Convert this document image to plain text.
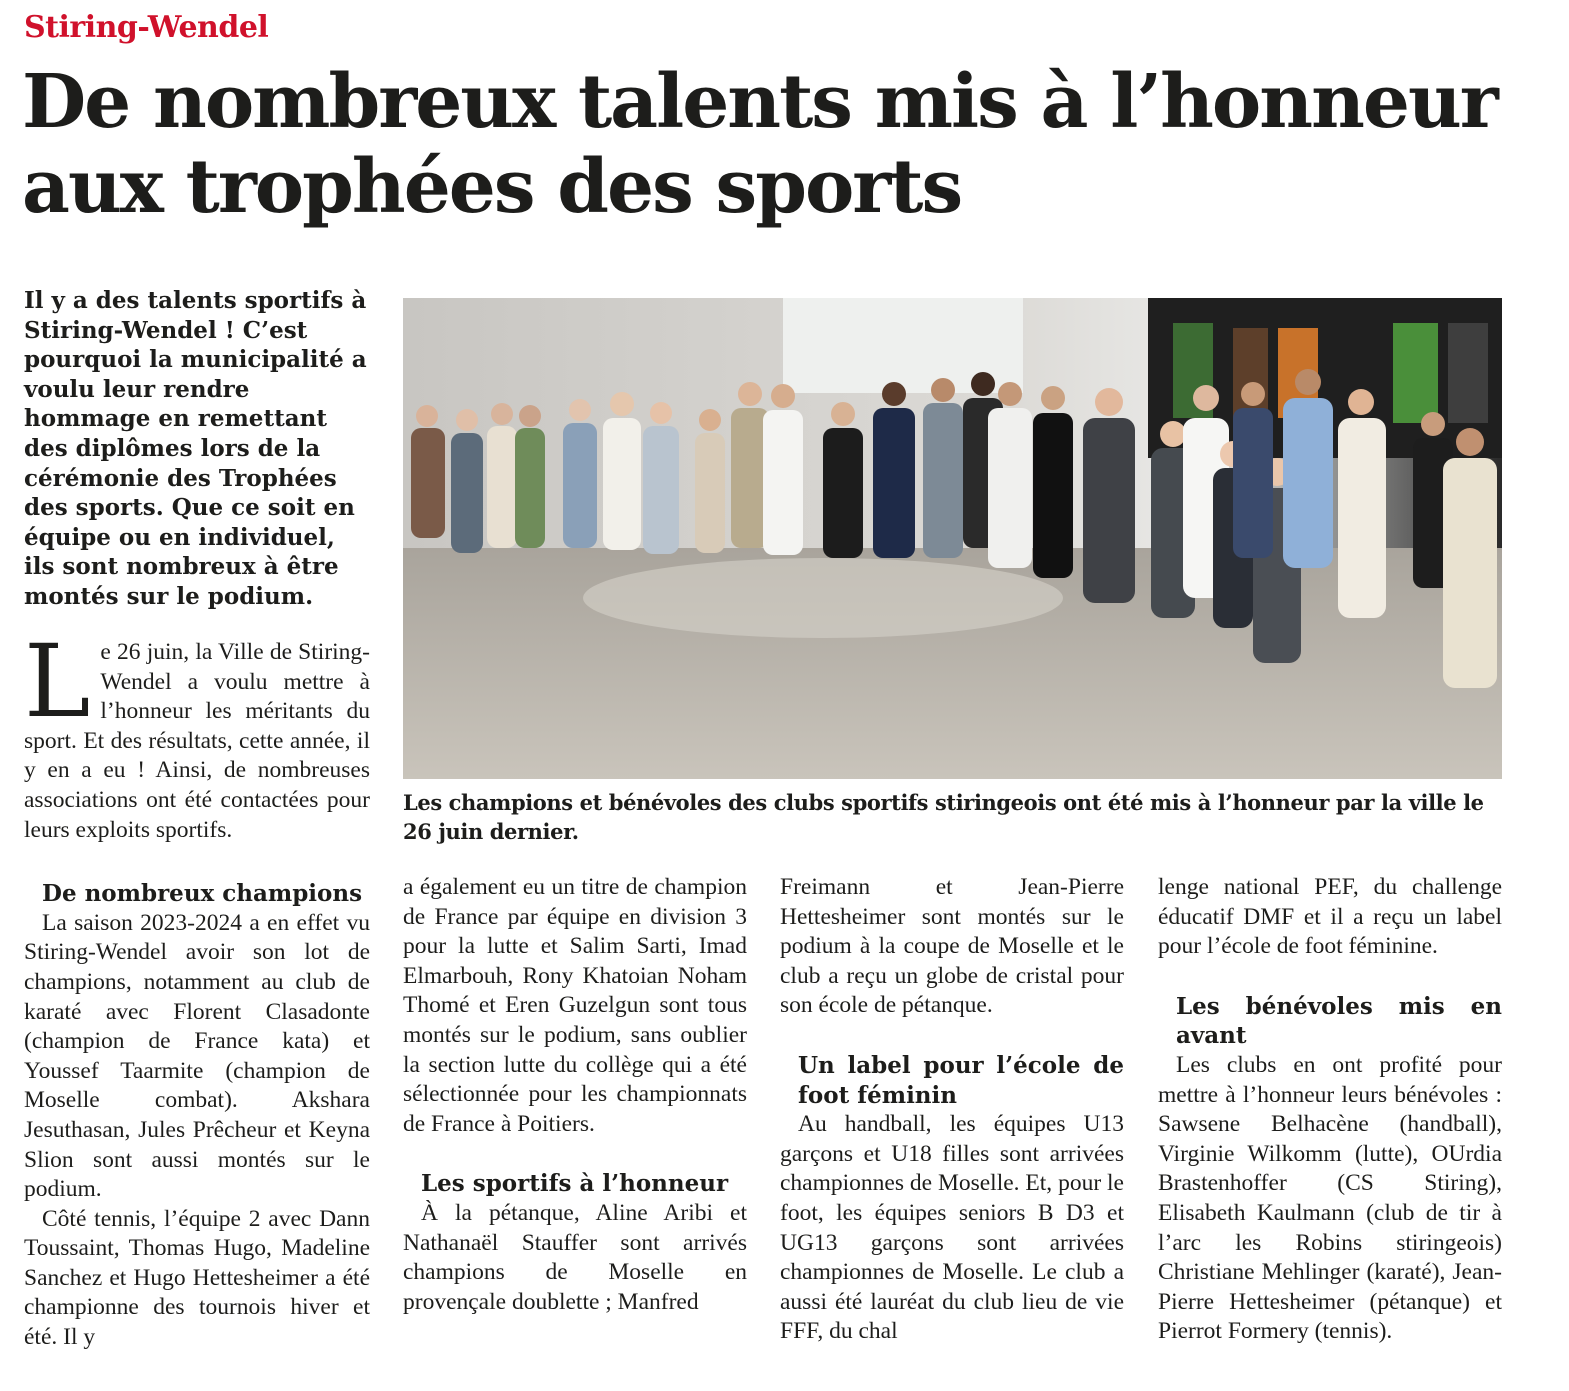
Stiring-Wendel
De nombreux talents mis à l’honneur aux trophées des sports

Il y a des talents sportifs à Stiring-Wendel ! C’est pourquoi la municipalité a voulu leur rendre hommage en remettant des diplômes lors de la cérémonie des Trophées des sports. Que ce soit en équipe ou en individuel, ils sont nombreux à être montés sur le podium.

Les champions et bénévoles des clubs sportifs stiringeois ont été mis à l’honneur par la ville le 26 juin dernier.

Le 26 juin, la Ville de Stiring-Wendel a voulu mettre à l’honneur les méritants du sport. Et des résultats, cette année, il y en a eu ! Ainsi, de nombreuses associations ont été contactées pour leurs exploits sportifs.

De nombreux champions

La saison 2023-2024 a en effet vu Stiring-Wendel avoir son lot de champions, notamment au club de karaté avec Florent Clasadonte (champion de France kata) et Youssef Taarmite (champion de Moselle combat). Akshara Jesuthasan, Jules Prêcheur et Keyna Slion sont aussi montés sur le podium.

Côté tennis, l’équipe 2 avec Dann Toussaint, Thomas Hugo, Madeline Sanchez et Hugo Hettesheimer a été championne des tournois hiver et été. Il y

a également eu un titre de champion de France par équipe en division 3 pour la lutte et Salim Sarti, Imad Elmarbouh, Rony Khatoian Noham Thomé et Eren Guzelgun sont tous montés sur le podium, sans oublier la section lutte du collège qui a été sélectionnée pour les championnats de France à Poitiers.

Les sportifs à l’honneur

À la pétanque, Aline Aribi et Nathanaël Stauffer sont arrivés champions de Moselle en provençale doublette ; Manfred

Freimann et Jean-Pierre Hettesheimer sont montés sur le podium à la coupe de Moselle et le club a reçu un globe de cristal pour son école de pétanque.

Un label pour l’école de foot féminin

Au handball, les équipes U13 garçons et U18 filles sont arrivées championnes de Moselle. Et, pour le foot, les équipes seniors B D3 et UG13 garçons sont arrivées championnes de Moselle. Le club a aussi été lauréat du club lieu de vie FFF, du chal

lenge national PEF, du challenge éducatif DMF et il a reçu un label pour l’école de foot féminine.

Les bénévoles mis en avant

Les clubs en ont profité pour mettre à l’honneur leurs bénévoles : Sawsene Belhacène (handball), Virginie Wilkomm (lutte), OUrdia Brastenhoffer (CS Stiring), Elisabeth Kaulmann (club de tir à l’arc les Robins stiringeois) Christiane Mehlinger (karaté), Jean-Pierre Hettesheimer (pétanque) et Pierrot Formery (tennis).
